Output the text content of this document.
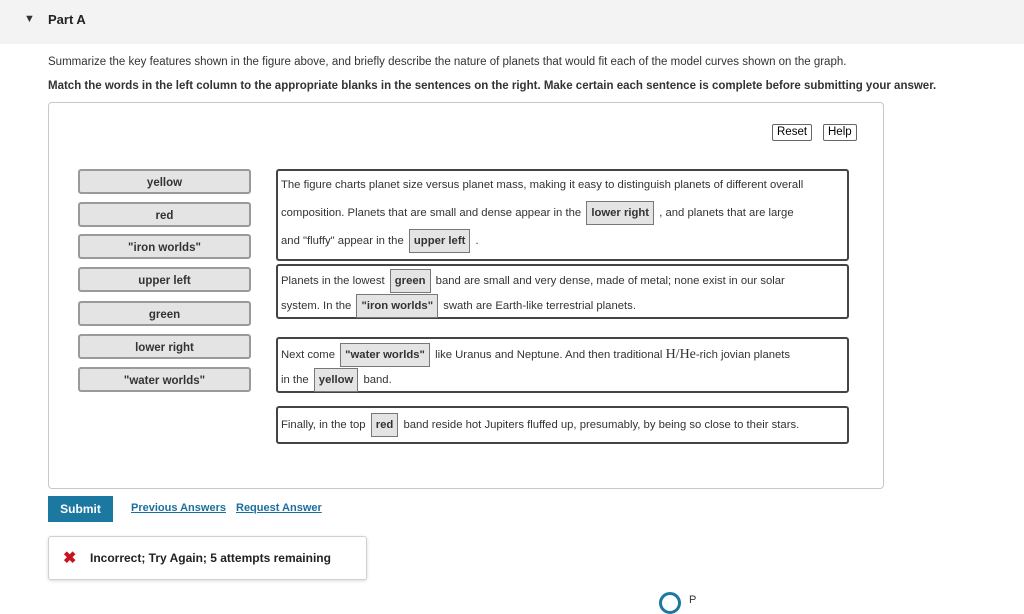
▼ Part A
Summarize the key features shown in the figure above, and briefly describe the nature of planets that would fit each of the model curves shown on the graph.
Match the words in the left column to the appropriate blanks in the sentences on the right. Make certain each sentence is complete before submitting your answer.
Reset	Help
yellow
red
"iron worlds"
upper left
green
lower right
"water worlds"
The figure charts planet size versus planet mass, making it easy to distinguish planets of different overall
composition. Planets that are small and dense appear in the lower right , and planets that are large
and "fluffy" appear in the upper left .
Planets in the lowest green band are small and very dense, made of metal; none exist in our solar
system. In the "iron worlds" swath are Earth-like terrestrial planets.
Next come "water worlds" like Uranus and Neptune. And then traditional H/He-rich jovian planets
in the yellow band.
Finally, in the top red band reside hot Jupiters fluffed up, presumably, by being so close to their stars.
Submit	Previous Answers Request Answer
✖ Incorrect; Try Again; 5 attempts remaining
P
